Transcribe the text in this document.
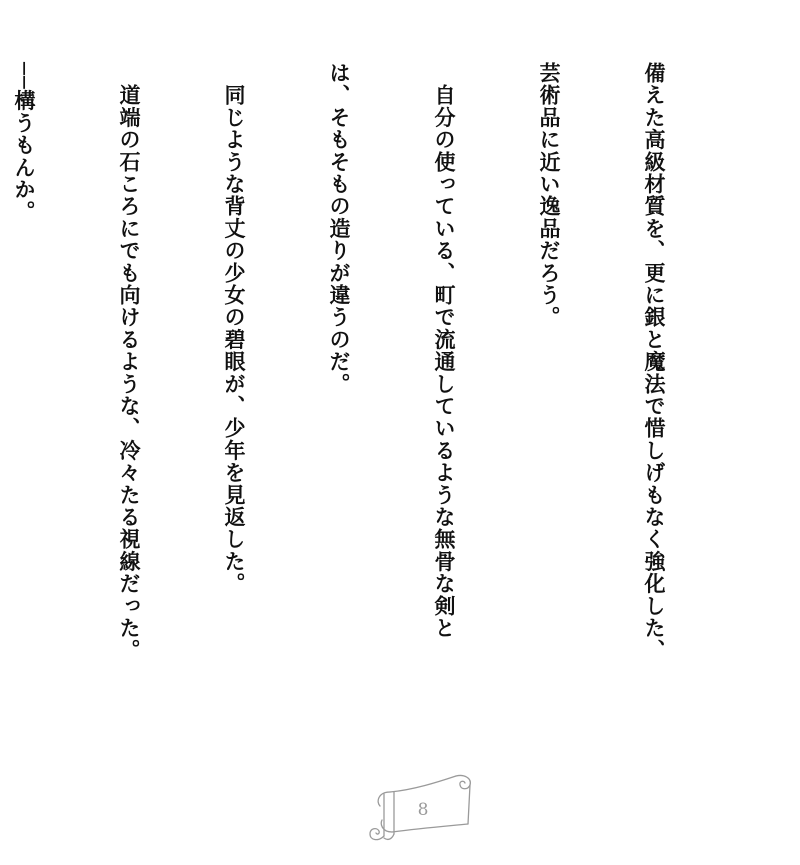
備えた高級材質を、更に銀と魔法で惜しげもなく強化した、

芸術品に近い逸品だろう。

　自分の使っている、町で流通しているような無骨な剣と

は、そもそもの造りが違うのだ。

　同じような背丈の少女の碧眼が、少年を見返した。

　道端の石ころにでも向けるような、冷々たる視線だった。

──構うもんか。

8
